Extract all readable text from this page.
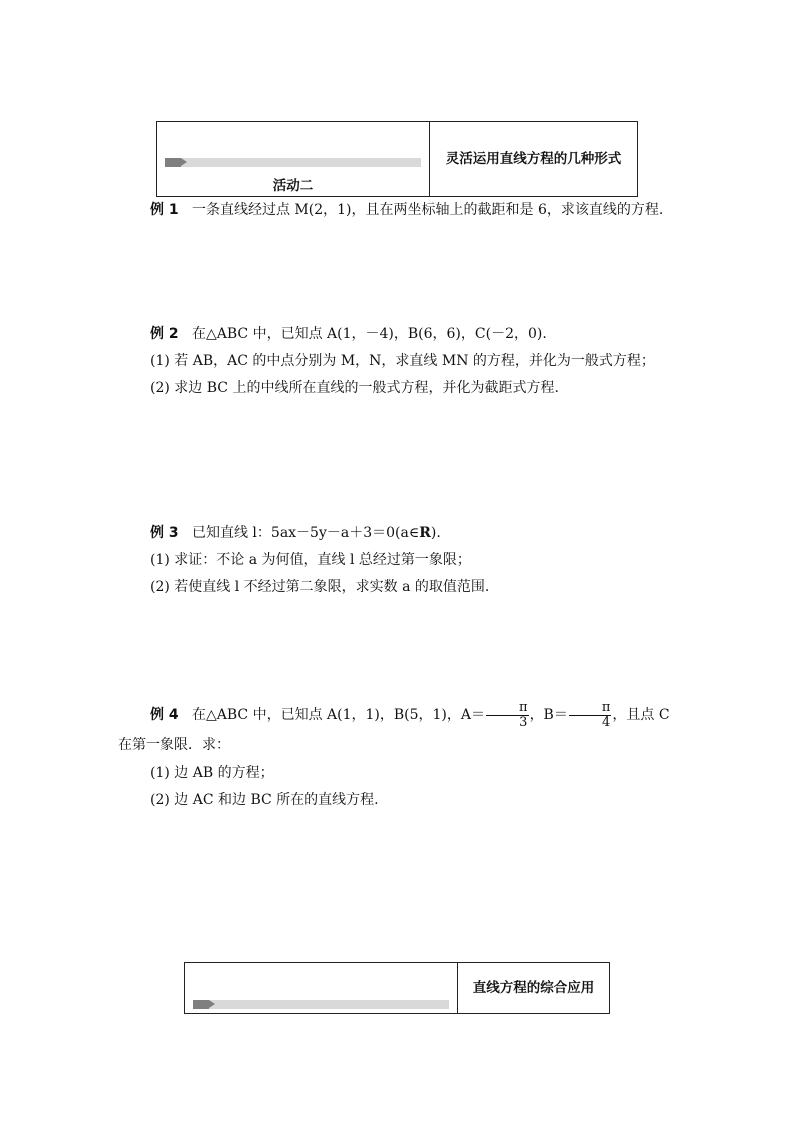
活动二
灵活运用直线方程的几种形式

例 1 一条直线经过点 M(2，1)，且在两坐标轴上的截距和是 6，求该直线的方程.

例 2 在△ABC 中，已知点 A(1，－4)，B(6，6)，C(－2，0).

(1) 若 AB，AC 的中点分别为 M，N，求直线 MN 的方程，并化为一般式方程；

(2) 求边 BC 上的中线所在直线的一般式方程，并化为截距式方程.

例 3 已知直线 l：5ax－5y－a＋3＝0(a∈R).

(1) 求证：不论 a 为何值，直线 l 总经过第一象限；

(2) 若使直线 l 不经过第二象限，求实数 a 的取值范围.

例 4 在△ABC 中，已知点 A(1，1)，B(5，1)，$A= \frac{\pi}{3}$ ，$B= \frac{\pi}{4}$ ，且点 C 在第一象限．求：

(1) 边 AB 的方程；

(2) 边 AC 和边 BC 所在的直线方程.

直线方程的综合应用
